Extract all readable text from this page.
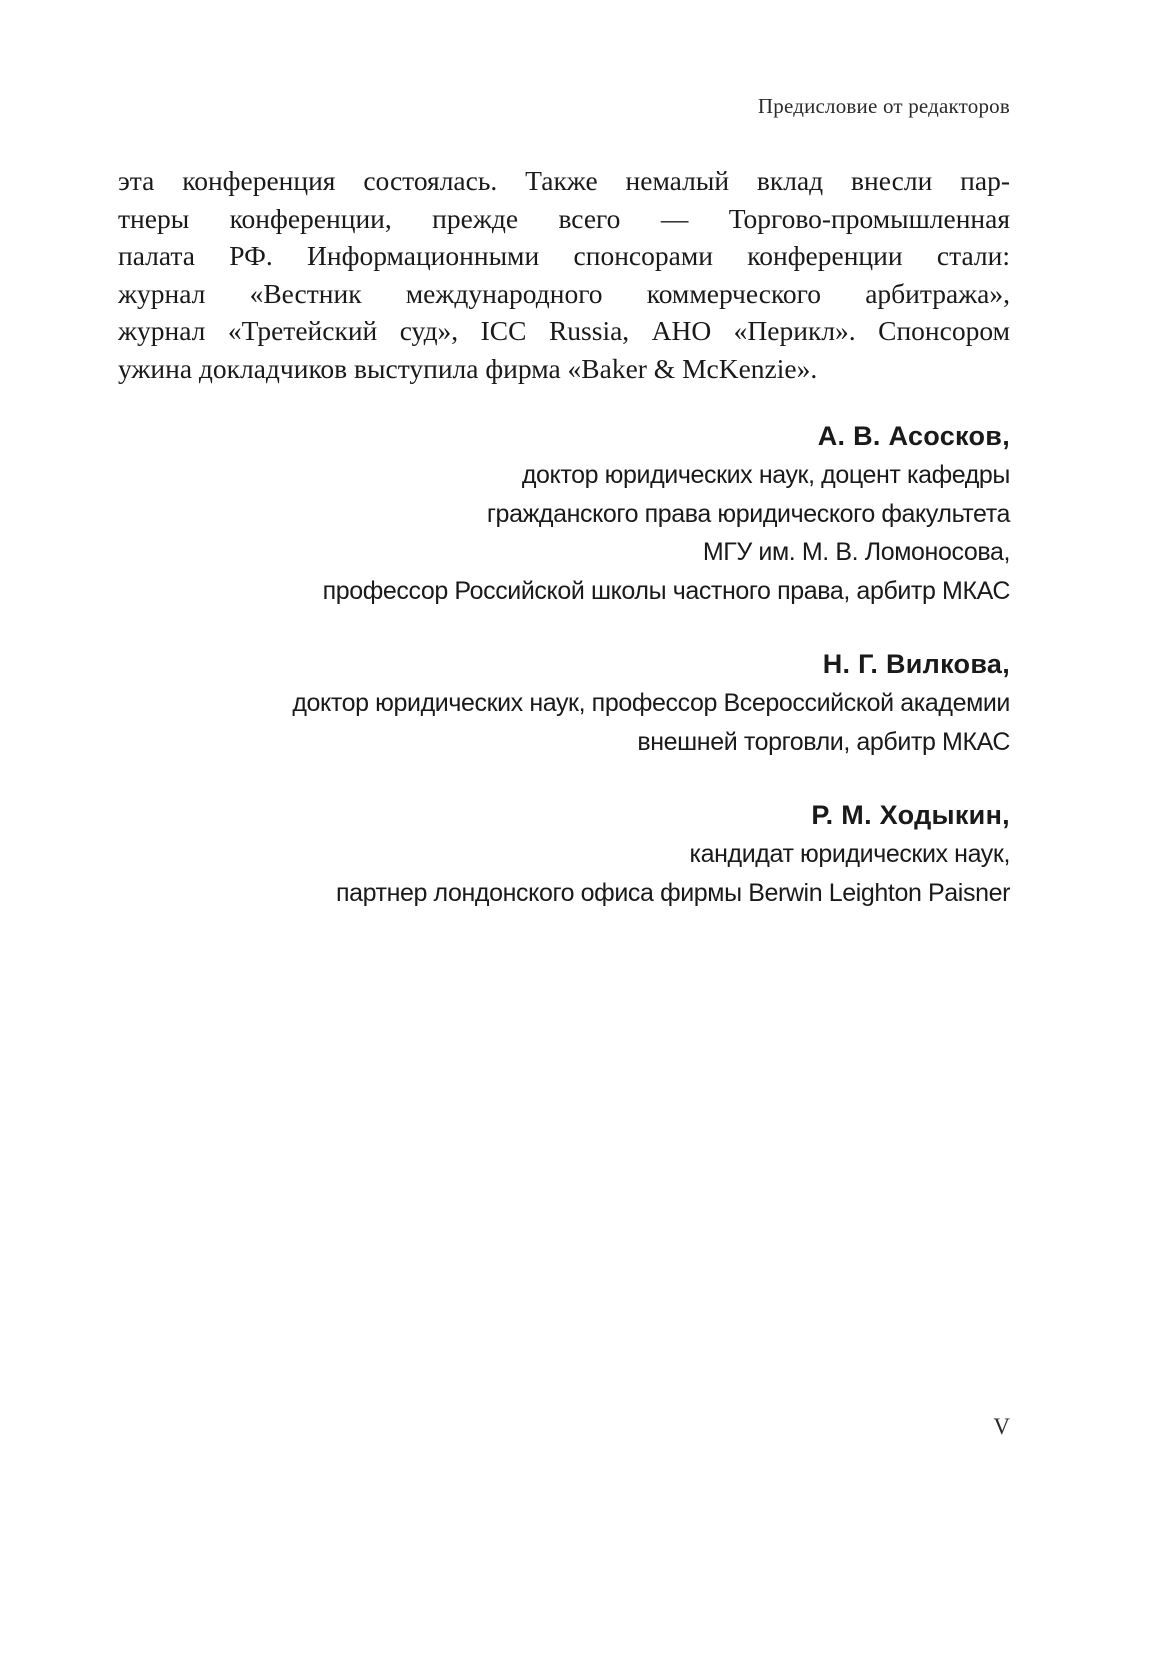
Предисловие от редакторов
эта конференция состоялась. Также немалый вклад внесли пар-
тнеры конференции, прежде всего — Торгово-промышленная
палата РФ. Информационными спонсорами конференции стали:
журнал «Вестник международного коммерческого арбитража»,
журнал «Третейский суд», ICC Russia, АНО «Перикл». Спонсором
ужина докладчиков выступила фирма «Baker & McKenzie».
А. В. Асосков,
доктор юридических наук, доцент кафедры
гражданского права юридического факультета
МГУ им. М. В. Ломоносова,
профессор Российской школы частного права, арбитр МКАС
Н. Г. Вилкова,
доктор юридических наук, профессор Всероссийской академии
внешней торговли, арбитр МКАС
Р. М. Ходыкин,
кандидат юридических наук,
партнер лондонского офиса фирмы Berwin Leighton Paisner
V
